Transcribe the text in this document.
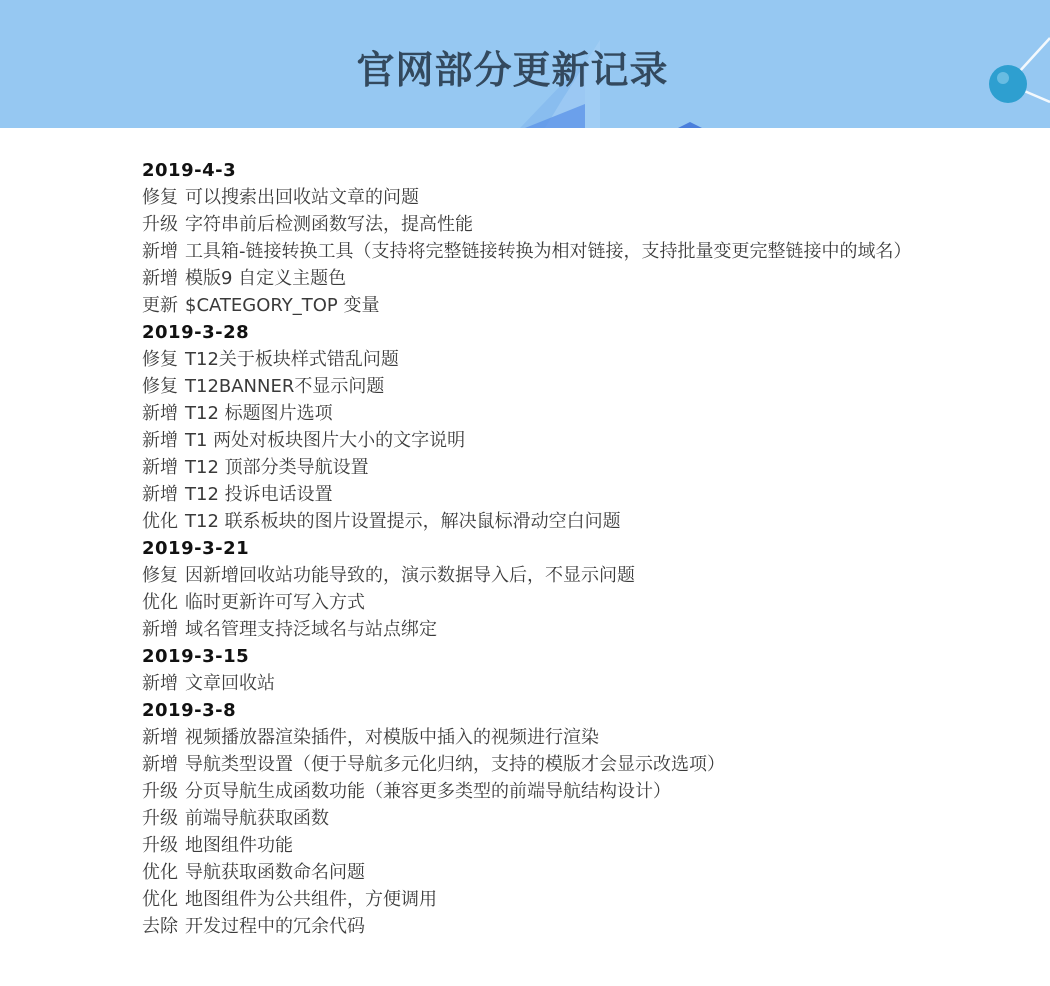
官网部分更新记录
2019-4-3
修复 可以搜索出回收站文章的问题
升级 字符串前后检测函数写法，提高性能
新增 工具箱-链接转换工具（支持将完整链接转换为相对链接，支持批量变更完整链接中的域名）
新增 模版9 自定义主题色
更新 $CATEGORY_TOP 变量
2019-3-28
修复 T12关于板块样式错乱问题
修复 T12BANNER不显示问题
新增 T12 标题图片选项
新增 T1 两处对板块图片大小的文字说明
新增 T12 顶部分类导航设置
新增 T12 投诉电话设置
优化 T12 联系板块的图片设置提示，解决鼠标滑动空白问题
2019-3-21
修复 因新增回收站功能导致的，演示数据导入后，不显示问题
优化 临时更新许可写入方式
新增 域名管理支持泛域名与站点绑定
2019-3-15
新增 文章回收站
2019-3-8
新增 视频播放器渲染插件，对模版中插入的视频进行渲染
新增 导航类型设置（便于导航多元化归纳，支持的模版才会显示改选项）
升级 分页导航生成函数功能（兼容更多类型的前端导航结构设计）
升级 前端导航获取函数
升级 地图组件功能
优化 导航获取函数命名问题
优化 地图组件为公共组件，方便调用
去除 开发过程中的冗余代码
